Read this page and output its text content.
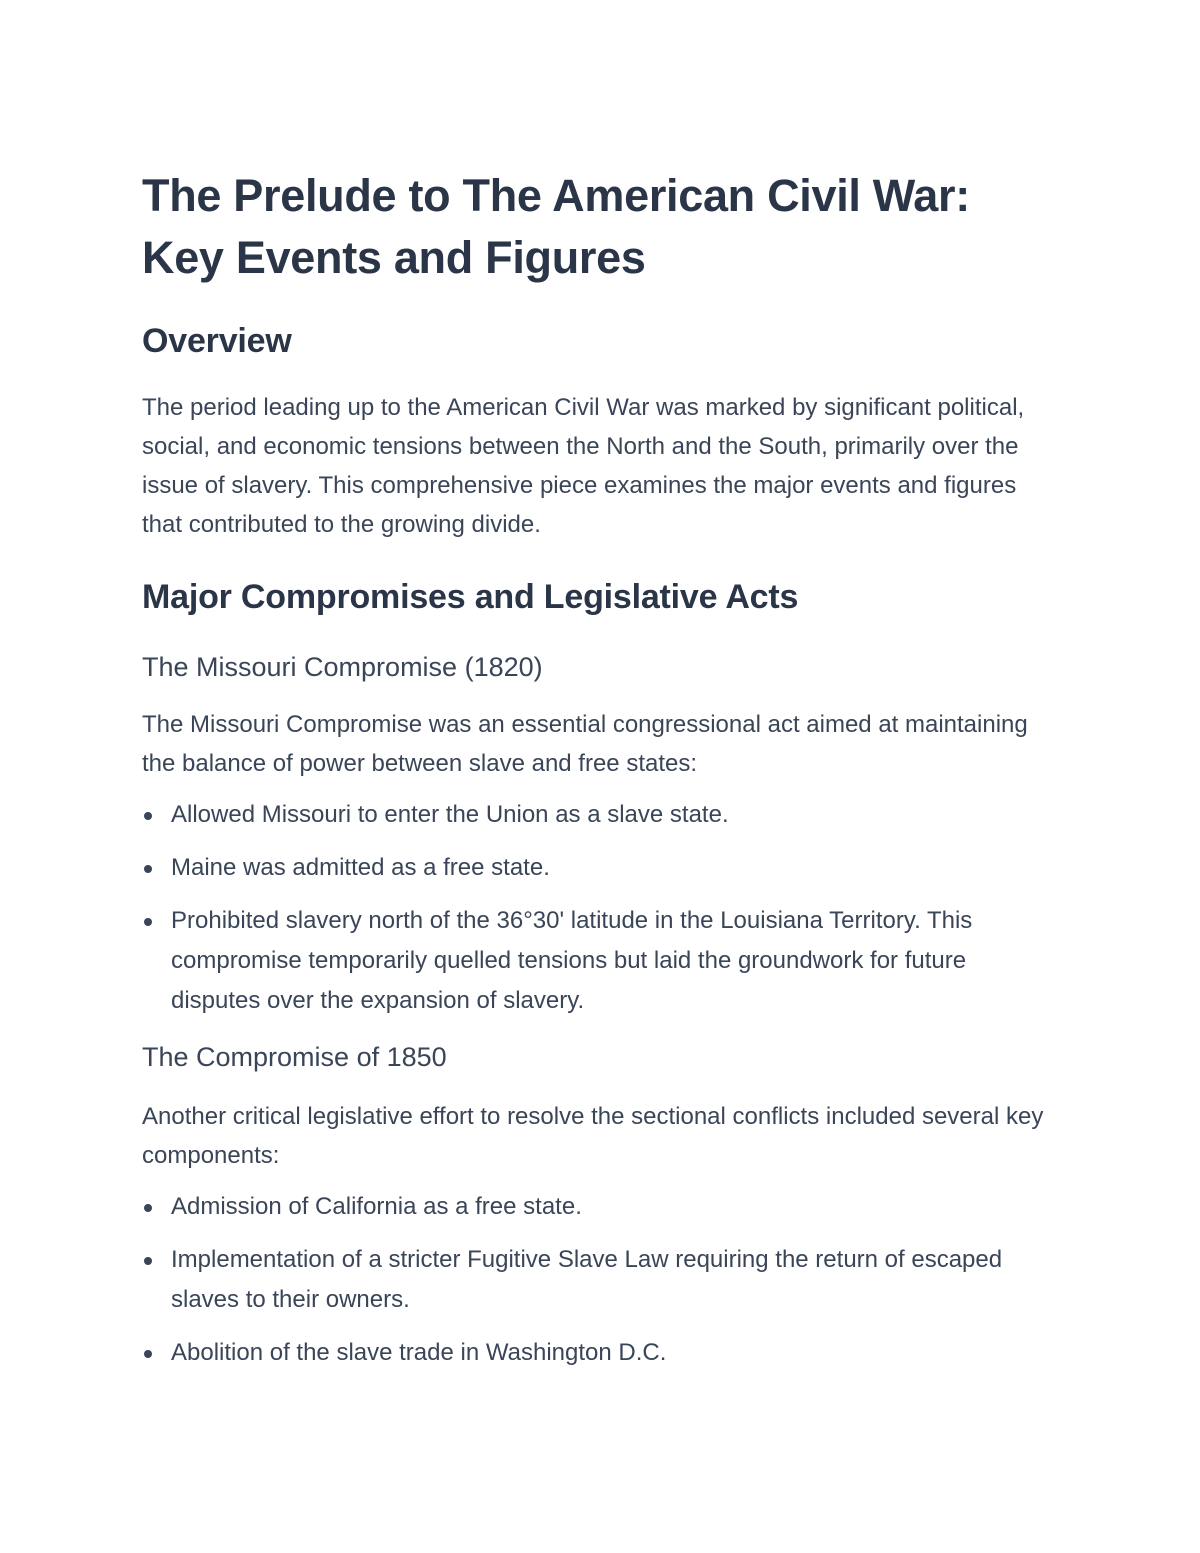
The Prelude to The American Civil War: Key Events and Figures
Overview

The period leading up to the American Civil War was marked by significant political, social, and economic tensions between the North and the South, primarily over the issue of slavery. This comprehensive piece examines the major events and figures that contributed to the growing divide.

Major Compromises and Legislative Acts
The Missouri Compromise (1820)

The Missouri Compromise was an essential congressional act aimed at maintaining the balance of power between slave and free states:

Allowed Missouri to enter the Union as a slave state.
Maine was admitted as a free state.
Prohibited slavery north of the 36°30' latitude in the Louisiana Territory. This compromise temporarily quelled tensions but laid the groundwork for future disputes over the expansion of slavery.
The Compromise of 1850

Another critical legislative effort to resolve the sectional conflicts included several key components:

Admission of California as a free state.
Implementation of a stricter Fugitive Slave Law requiring the return of escaped slaves to their owners.
Abolition of the slave trade in Washington D.C.
